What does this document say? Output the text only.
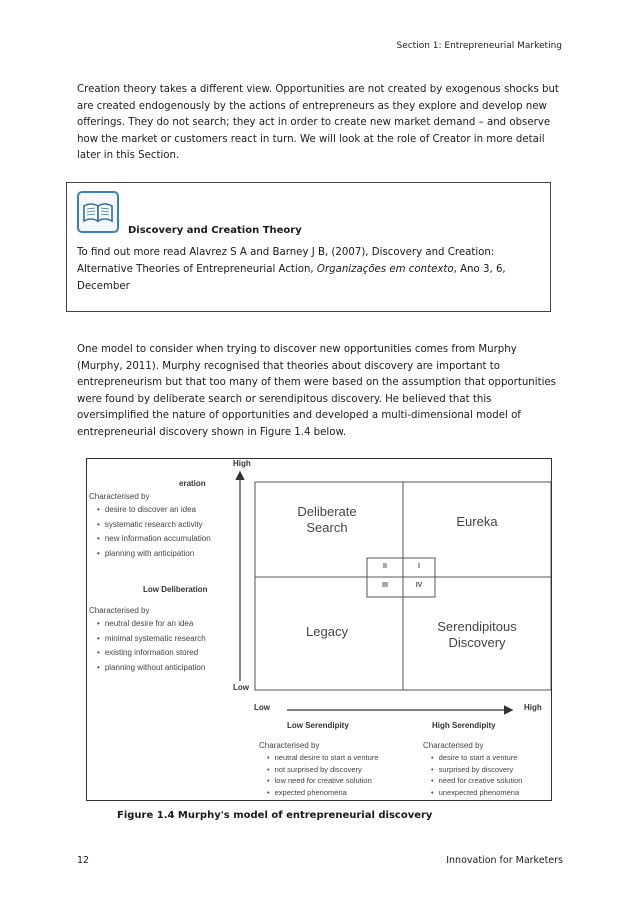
Section 1: Entrepreneurial Marketing
Creation theory takes a different view. Opportunities are not created by exogenous shocks but are created endogenously by the actions of entrepreneurs as they explore and develop new offerings. They do not search; they act in order to create new market demand – and observe how the market or customers react in turn. We will look at the role of Creator in more detail later in this Section.
Discovery and Creation Theory
To find out more read Alavrez S A and Barney J B, (2007), Discovery and Creation: Alternative Theories of Entrepreneurial Action, Organizações em contexto, Ano 3, 6, December
One model to consider when trying to discover new opportunities comes from Murphy (Murphy, 2011). Murphy recognised that theories about discovery are important to entrepreneurism but that too many of them were based on the assumption that opportunities were found by deliberate search or serendipitous discovery. He believed that this oversimplified the nature of opportunities and developed a multi-dimensional model of entrepreneurial discovery shown in Figure 1.4 below.
High
Low
Low	High
eration
Characterised by
• desire to discover an idea
• systematic research activity
• new information accumulation
• planning with anticipation
Low Deliberation
Characterised by
• neutral desire for an idea
• minimal systematic research
• existing information stored
• planning without anticipation
Deliberate Search	Eureka
Legacy	Serendipitous Discovery
II	I
III	IV
Low Serendipity	High Serendipity
Characterised by
• neutral desire to start a venture
• not surprised by discovery
• low need for creative solution
• expected phenomena
Characterised by
• desire to start a venture
• surprised by discovery
• need for creative solution
• unexpected phenomena
Figure 1.4 Murphy's model of entrepreneurial discovery
12	Innovation for Marketers
